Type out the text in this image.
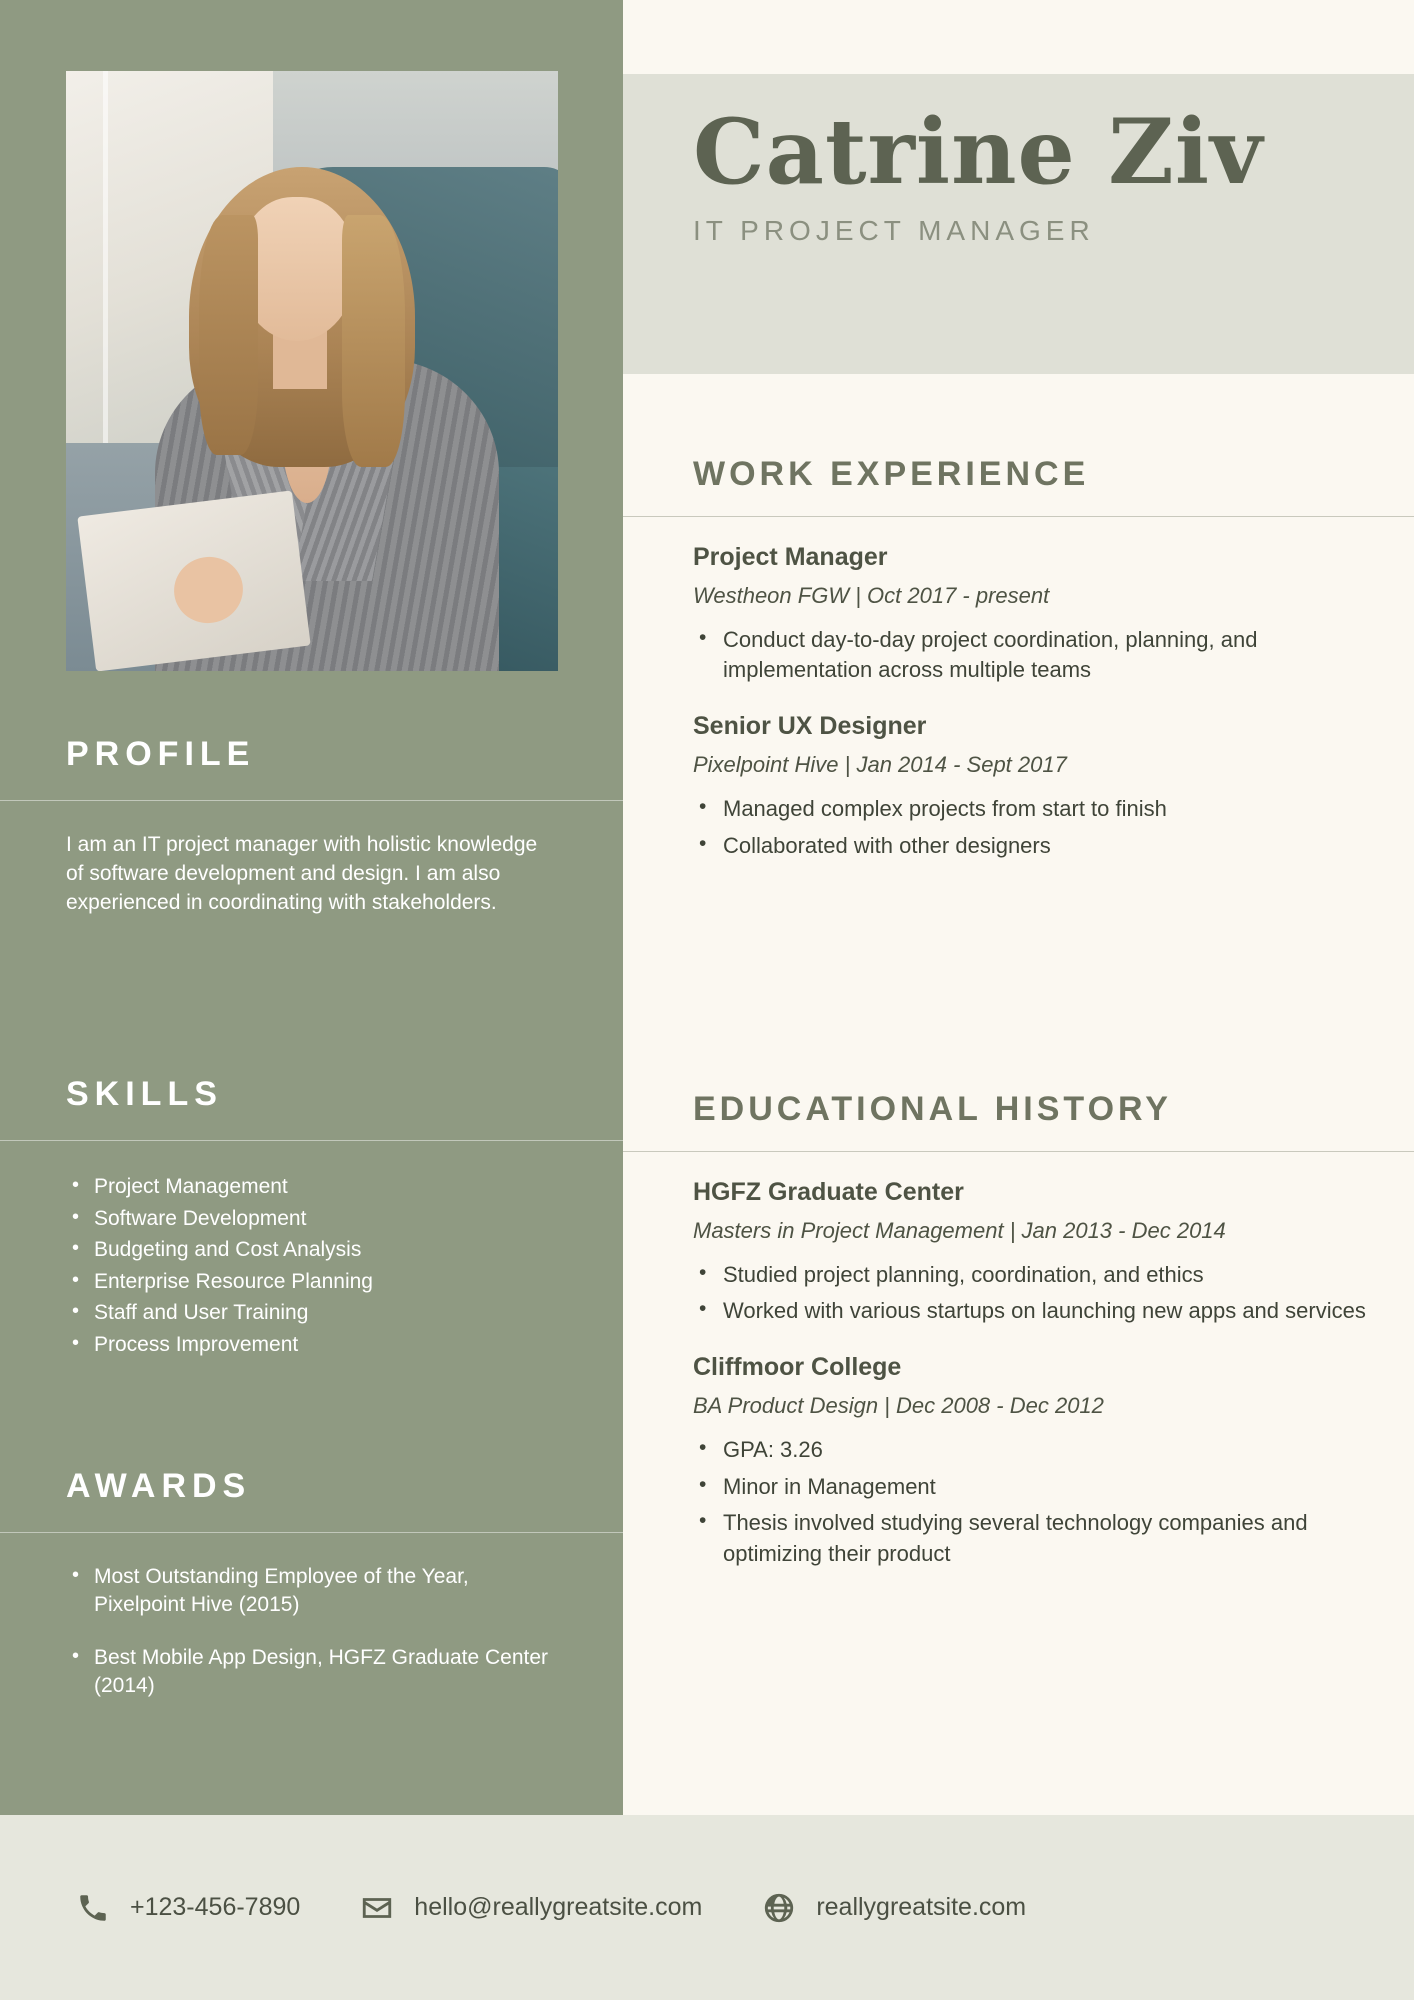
PROFILE
I am an IT project manager with holistic knowledge of software development and design. I am also experienced in coordinating with stakeholders.
SKILLS
• Project Management
• Software Development
• Budgeting and Cost Analysis
• Enterprise Resource Planning
• Staff and User Training
• Process Improvement
AWARDS
• Most Outstanding Employee of the Year, Pixelpoint Hive (2015)
• Best Mobile App Design, HGFZ Graduate Center (2014)
Catrine Ziv
IT PROJECT MANAGER
WORK EXPERIENCE
Project Manager
Westheon FGW | Oct 2017 - present
• Conduct day-to-day project coordination, planning, and implementation across multiple teams
Senior UX Designer
Pixelpoint Hive | Jan 2014 - Sept 2017
• Managed complex projects from start to finish
• Collaborated with other designers
EDUCATIONAL HISTORY
HGFZ Graduate Center
Masters in Project Management | Jan 2013 - Dec 2014
• Studied project planning, coordination, and ethics
• Worked with various startups on launching new apps and services
Cliffmoor College
BA Product Design | Dec 2008 - Dec 2012
• GPA: 3.26
• Minor in Management
• Thesis involved studying several technology companies and optimizing their product
+123-456-7890	hello@reallygreatsite.com	reallygreatsite.com
